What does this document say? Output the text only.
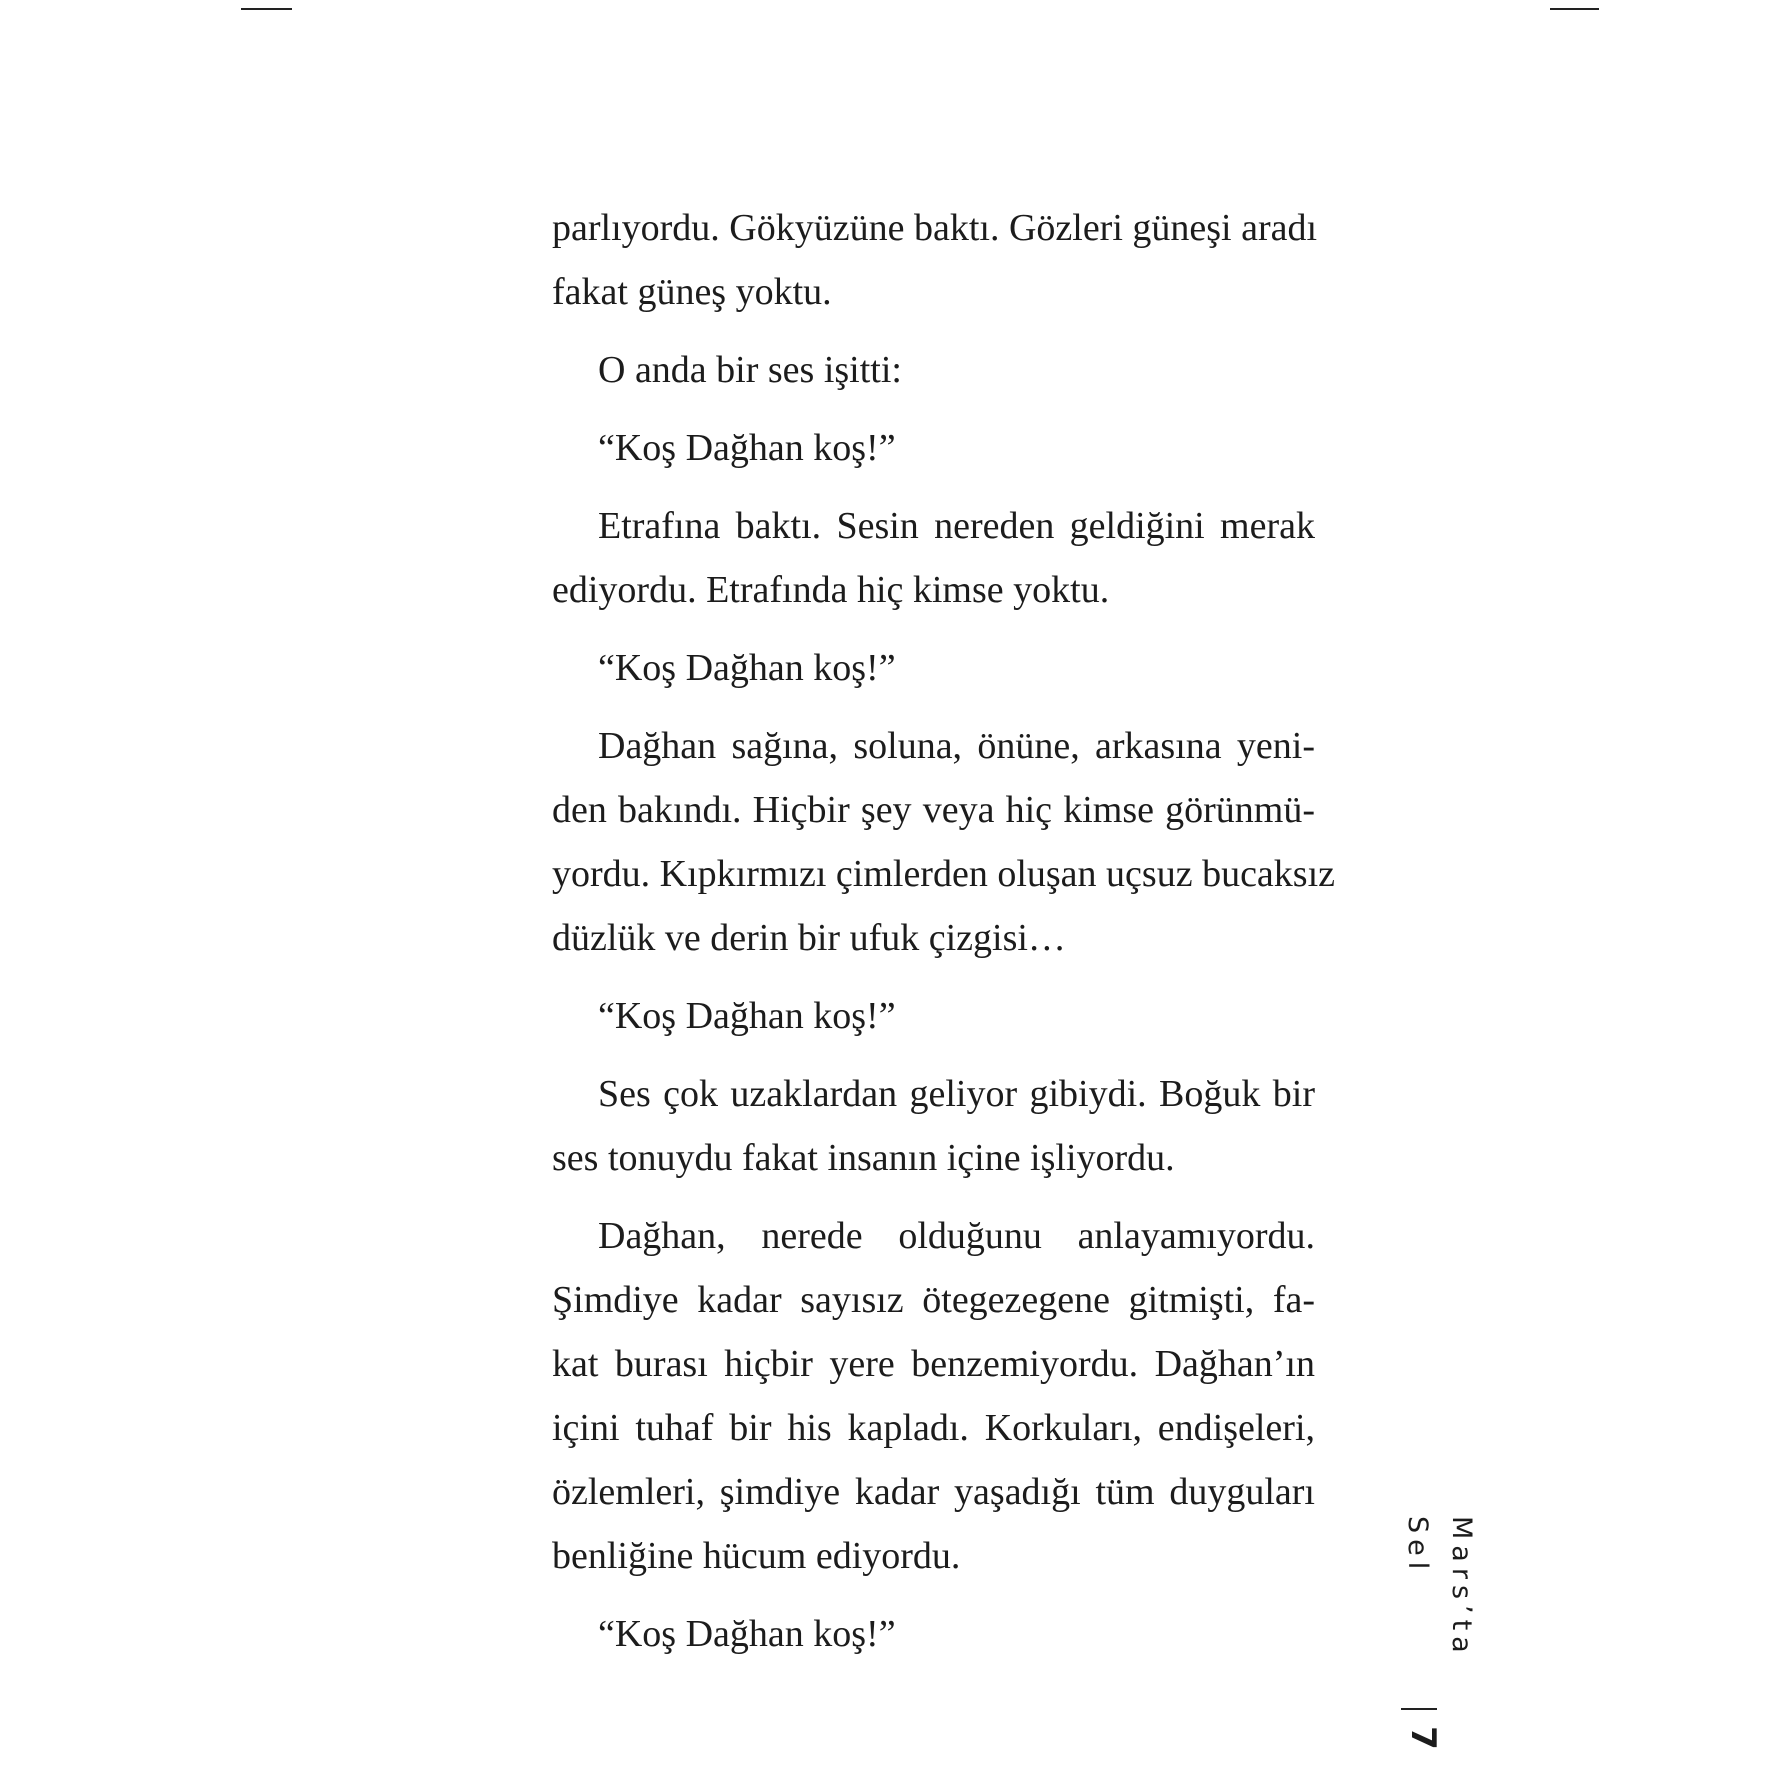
parlıyordu. Gökyüzüne baktı. Gözleri güneşi aradı
fakat güneş yoktu.
O anda bir ses işitti:
“Koş Dağhan koş!”
Etrafına baktı. Sesin nereden geldiğini merak
ediyordu. Etrafında hiç kimse yoktu.
“Koş Dağhan koş!”
Dağhan sağına, soluna, önüne, arkasına yeni-
den bakındı. Hiçbir şey veya hiç kimse görünmü-
yordu. Kıpkırmızı çimlerden oluşan uçsuz bucaksız
düzlük ve derin bir ufuk çizgisi…
“Koş Dağhan koş!”
Ses çok uzaklardan geliyor gibiydi. Boğuk bir
ses tonuydu fakat insanın içine işliyordu.
Dağhan, nerede olduğunu anlayamıyordu.
Şimdiye kadar sayısız ötegezegene gitmişti, fa-
kat burası hiçbir yere benzemiyordu. Dağhan’ın
içini tuhaf bir his kapladı. Korkuları, endişeleri,
özlemleri, şimdiye kadar yaşadığı tüm duyguları
benliğine hücum ediyordu.
“Koş Dağhan koş!”	Mars’ta Sel
7
